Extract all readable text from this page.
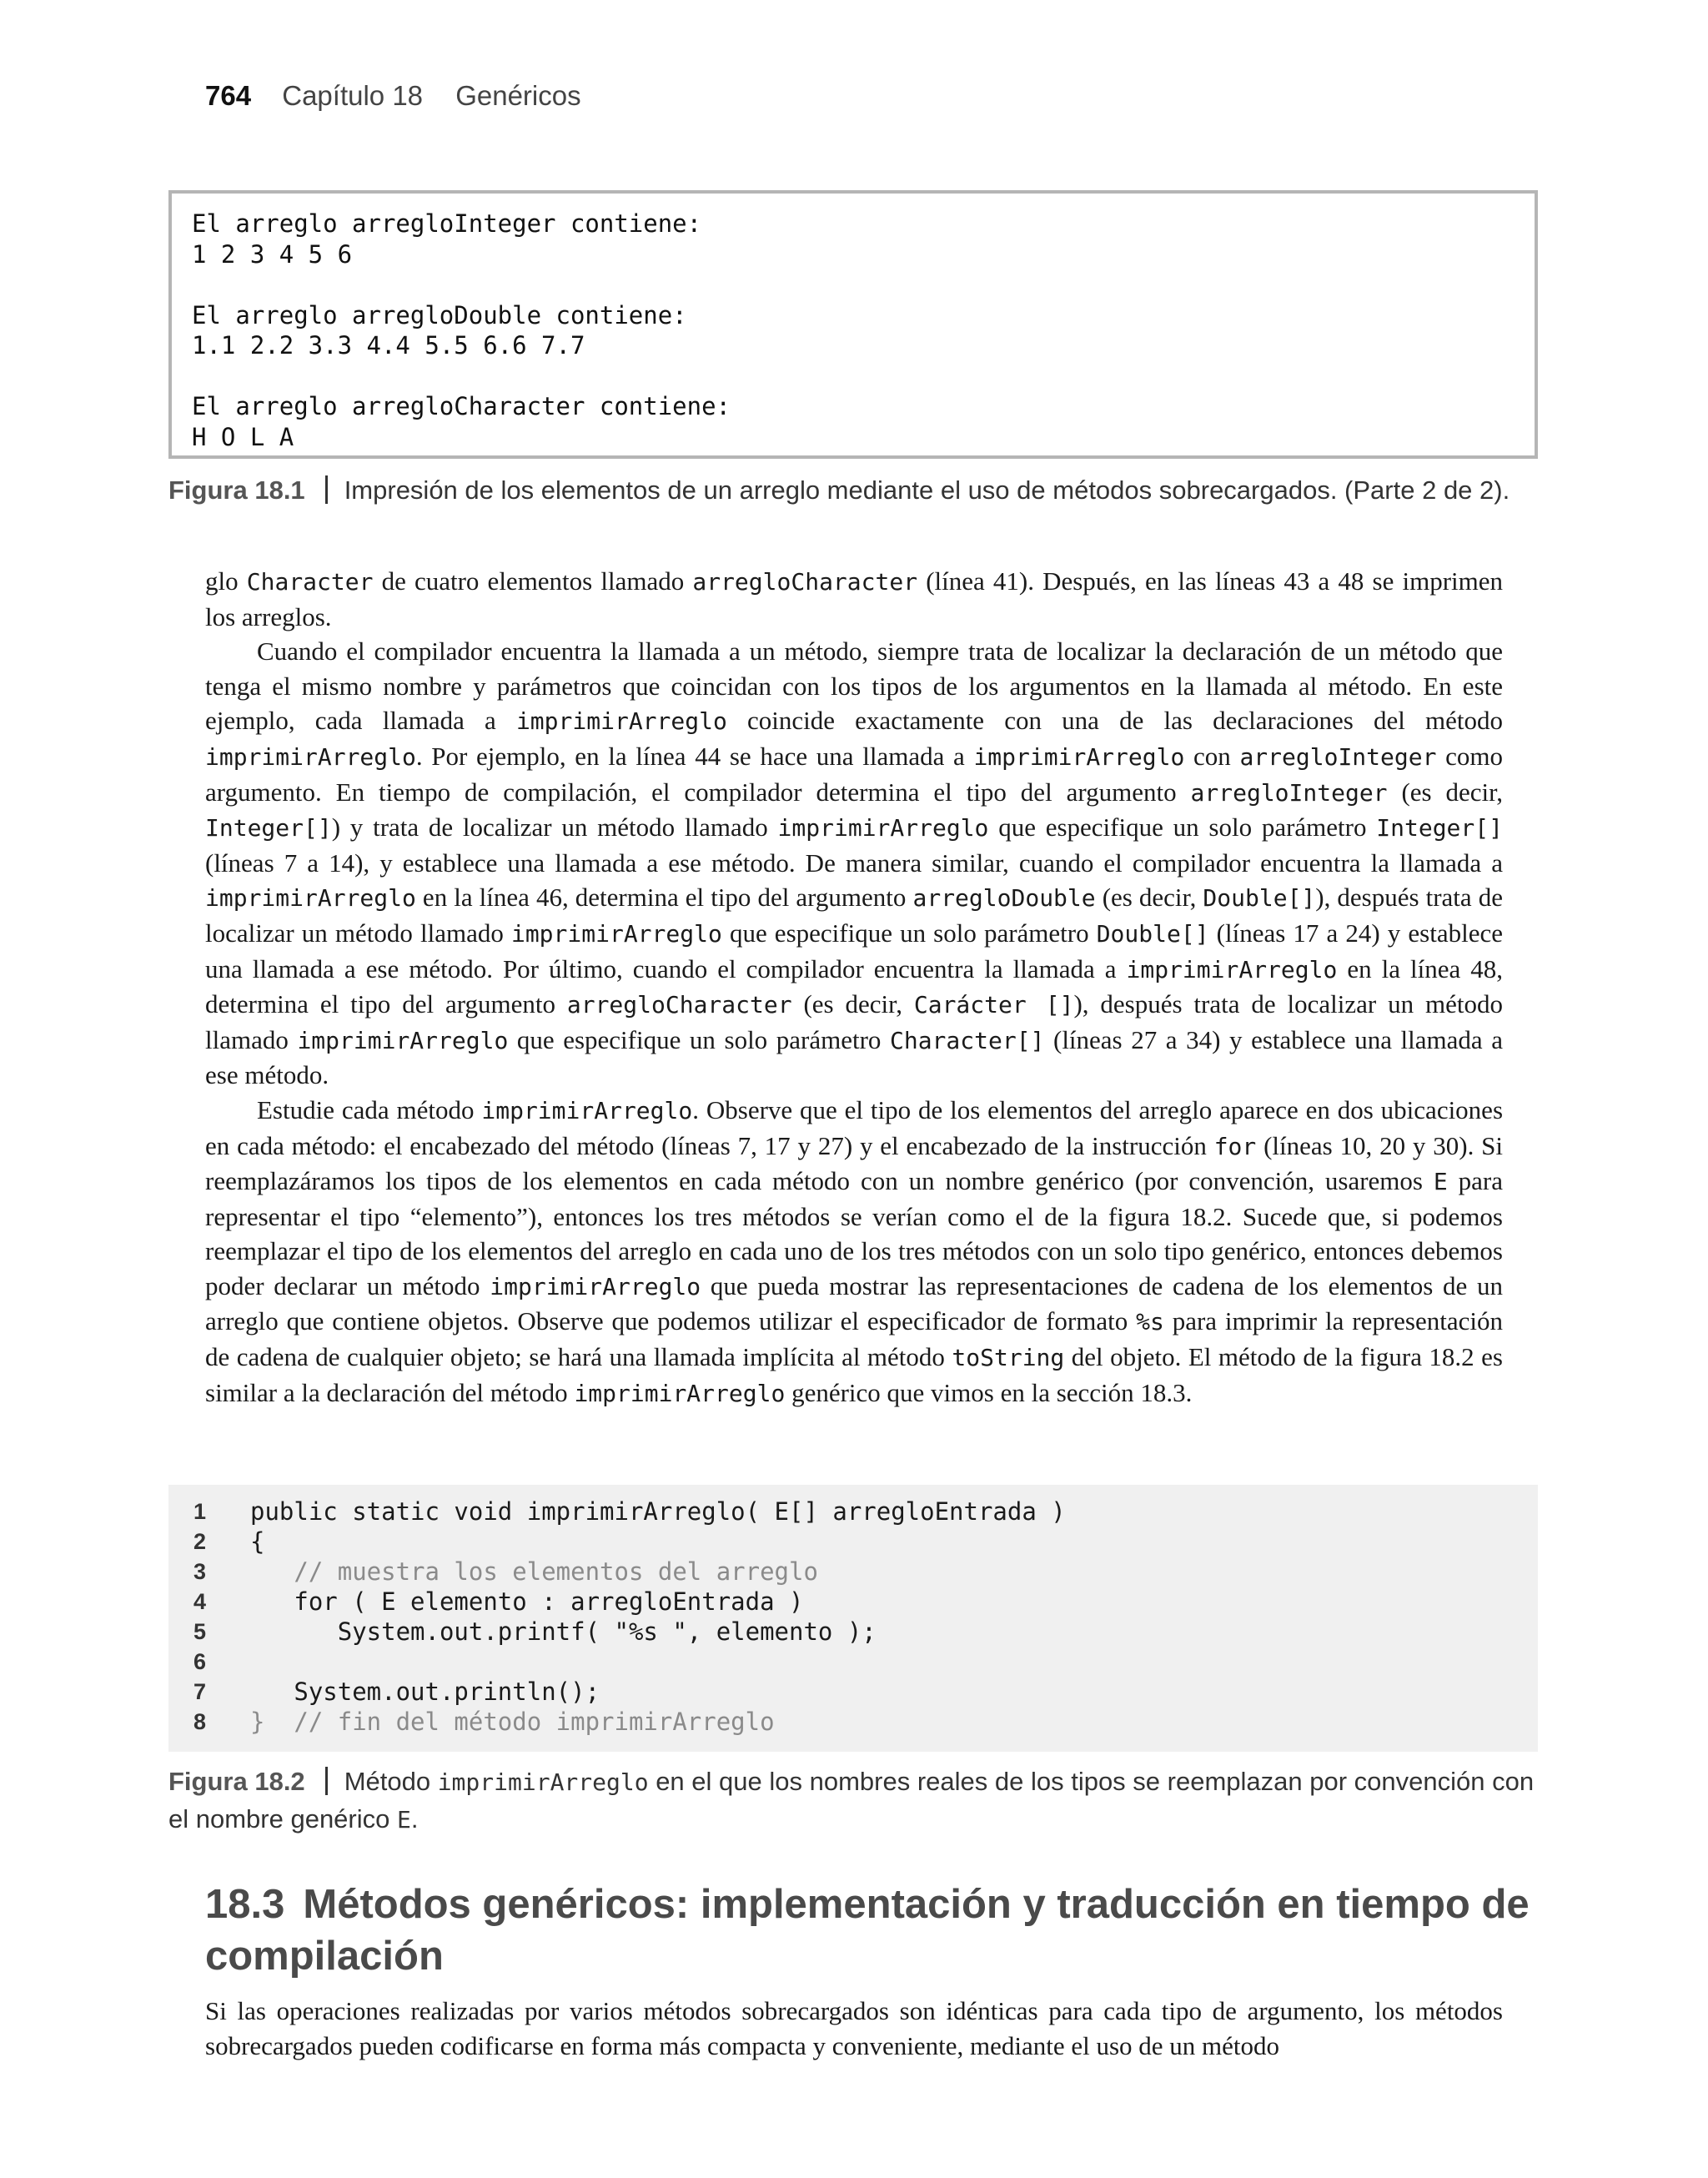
764 Capítulo 18 Genéricos
El arreglo arregloInteger contiene:
1 2 3 4 5 6
El arreglo arregloDouble contiene:
1.1 2.2 3.3 4.4 5.5 6.6 7.7
El arreglo arregloCharacter contiene:
H O L A
Figura 18.1 Impresión de los elementos de un arreglo mediante el uso de métodos sobrecargados. (Parte 2 de 2).

glo Character de cuatro elementos llamado arregloCharacter (línea 41). Después, en las líneas 43 a 48 se imprimen los arreglos.

Cuando el compilador encuentra la llamada a un método, siempre trata de localizar la declaración de un método que tenga el mismo nombre y parámetros que coincidan con los tipos de los argumentos en la llamada al método. En este ejemplo, cada llamada a imprimirArreglo coincide exactamente con una de las declaraciones del método imprimirArreglo. Por ejemplo, en la línea 44 se hace una llamada a imprimirArreglo con arregloInteger como argumento. En tiempo de compilación, el compilador determina el tipo del argumento arregloInteger (es decir, Integer[]) y trata de localizar un método llamado imprimirArreglo que especifique un solo parámetro Integer[] (líneas 7 a 14), y establece una llamada a ese método. De manera similar, cuando el compilador encuentra la llamada a imprimirArreglo en la línea 46, determina el tipo del argumento arregloDouble (es decir, Double[]), después trata de localizar un método llamado imprimirArreglo que especifique un solo parámetro Double[] (líneas 17 a 24) y establece una llamada a ese método. Por último, cuando el compilador encuentra la llamada a imprimirArreglo en la línea 48, determina el tipo del argumento arregloCharacter (es decir, Carácter []), después trata de localizar un método llamado imprimirArreglo que especifique un solo parámetro Character[] (líneas 27 a 34) y establece una llamada a ese método.

Estudie cada método imprimirArreglo. Observe que el tipo de los elementos del arreglo aparece en dos ubicaciones en cada método: el encabezado del método (líneas 7, 17 y 27) y el encabezado de la instrucción for (líneas 10, 20 y 30). Si reemplazáramos los tipos de los elementos en cada método con un nombre genérico (por convención, usaremos E para representar el tipo “elemento”), entonces los tres métodos se verían como el de la figura 18.2. Sucede que, si podemos reemplazar el tipo de los elementos del arreglo en cada uno de los tres métodos con un solo tipo genérico, entonces debemos poder declarar un método imprimirArreglo que pueda mostrar las representaciones de cadena de los elementos de un arreglo que contiene objetos. Observe que podemos utilizar el especificador de formato %s para imprimir la representación de cadena de cualquier objeto; se hará una llamada implícita al método toString del objeto. El método de la figura 18.2 es similar a la declaración del método imprimirArreglo genérico que vimos en la sección 18.3.

1	public static void imprimirArreglo( E[] arregloEntrada )
2	{
3	// muestra los elementos del arreglo
4	for ( E elemento : arregloEntrada )
5	System.out.printf( "%s ", elemento );
6
7	System.out.println();
8	}  // fin del método imprimirArreglo
Figura 18.2 Método imprimirArreglo en el que los nombres reales de los tipos se reemplazan por convención con el nombre genérico E.
18.3 Métodos genéricos: implementación y traducción en tiempo de compilación

Si las operaciones realizadas por varios métodos sobrecargados son idénticas para cada tipo de argumento, los métodos sobrecargados pueden codificarse en forma más compacta y conveniente, mediante el uso de un método
